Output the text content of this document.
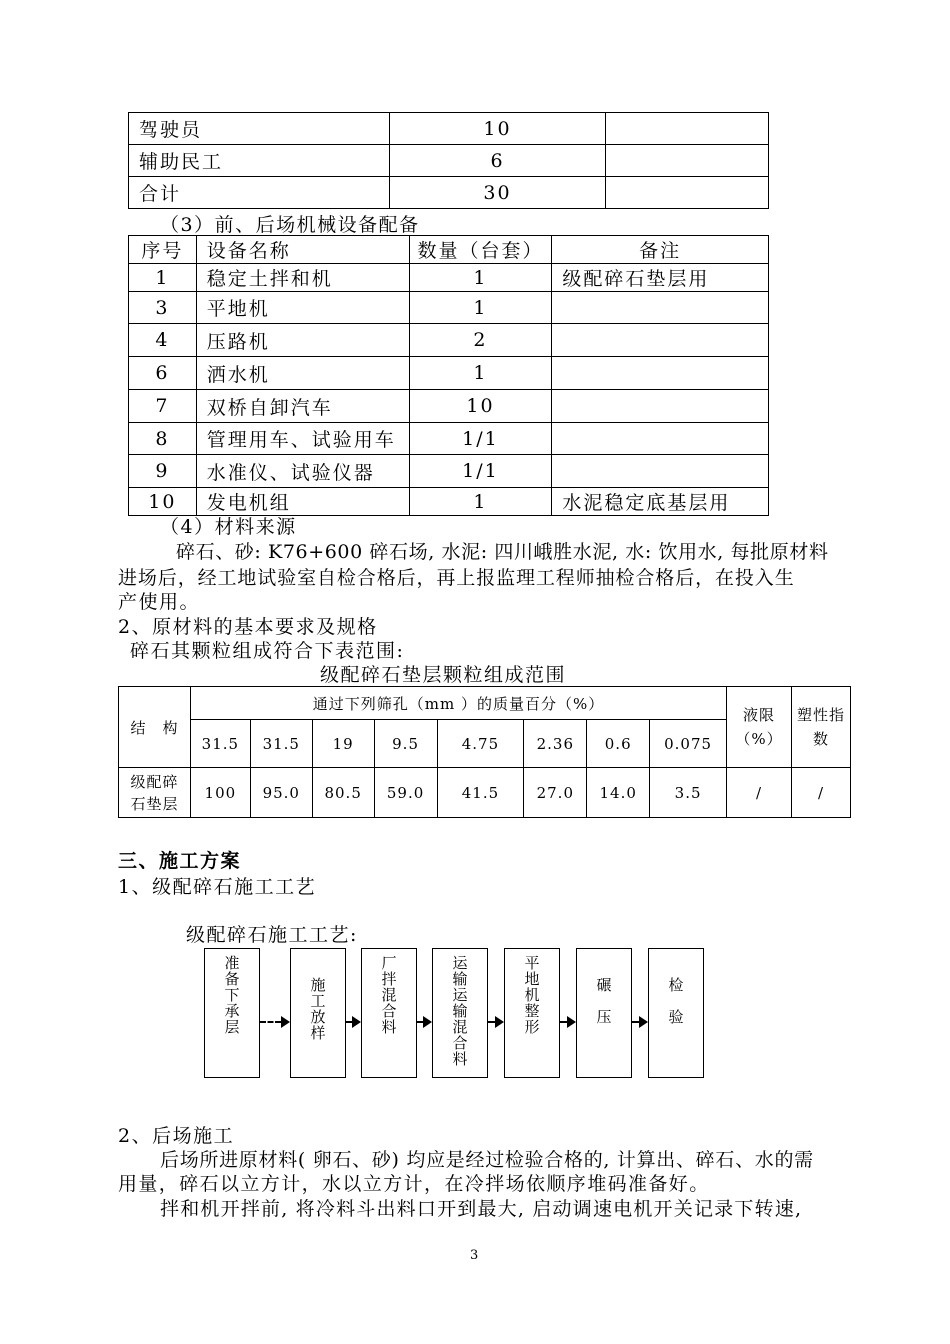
驾驶员	10	
辅助民工	6	
合计	30	
（3）前、后场机械设备配备
序号	设备名称	数量（台套）	备注
1	稳定土拌和机	1	级配碎石垫层用
3	平地机	1	
4	压路机	2	
6	洒水机	1	
7	双桥自卸汽车	10	
8	管理用车、试验用车	1/1	
9	水准仪、试验仪器	1/1	
10	发电机组	1	水泥稳定底基层用
（4）材料来源
碎石、砂: K76+600 碎石场, 水泥: 四川峨胜水泥, 水: 饮用水, 每批原材料
进场后，经工地试验室自检合格后，再上报监理工程师抽检合格后，在投入生
产使用。
2、原材料的基本要求及规格
碎石其颗粒组成符合下表范围:
级配碎石垫层颗粒组成范围
结　构	通过下列筛孔（mm ）的质量百分（%）								液限（%）	塑性指
数

	31.5	31.5	19	9.5	4.75	2.36	0.6	0.075		

级配碎
石垫层	100	95.0	80.5	59.0	41.5	27.0	14.0	3.5	/	/
三、施工方案
1、级配碎石施工工艺
级配碎石施工工艺:
准备下承层	施工放样	厂拌混合料	运输运输混合料	平地机整形	碾　压	检　验
2、后场施工
后场所进原材料( 卵石、砂) 均应是经过检验合格的, 计算出、碎石、水的需
用量，碎石以立方计，水以立方计，在冷拌场依顺序堆码准备好。
拌和机开拌前, 将冷料斗出料口开到最大, 启动调速电机开关记录下转速,
3
